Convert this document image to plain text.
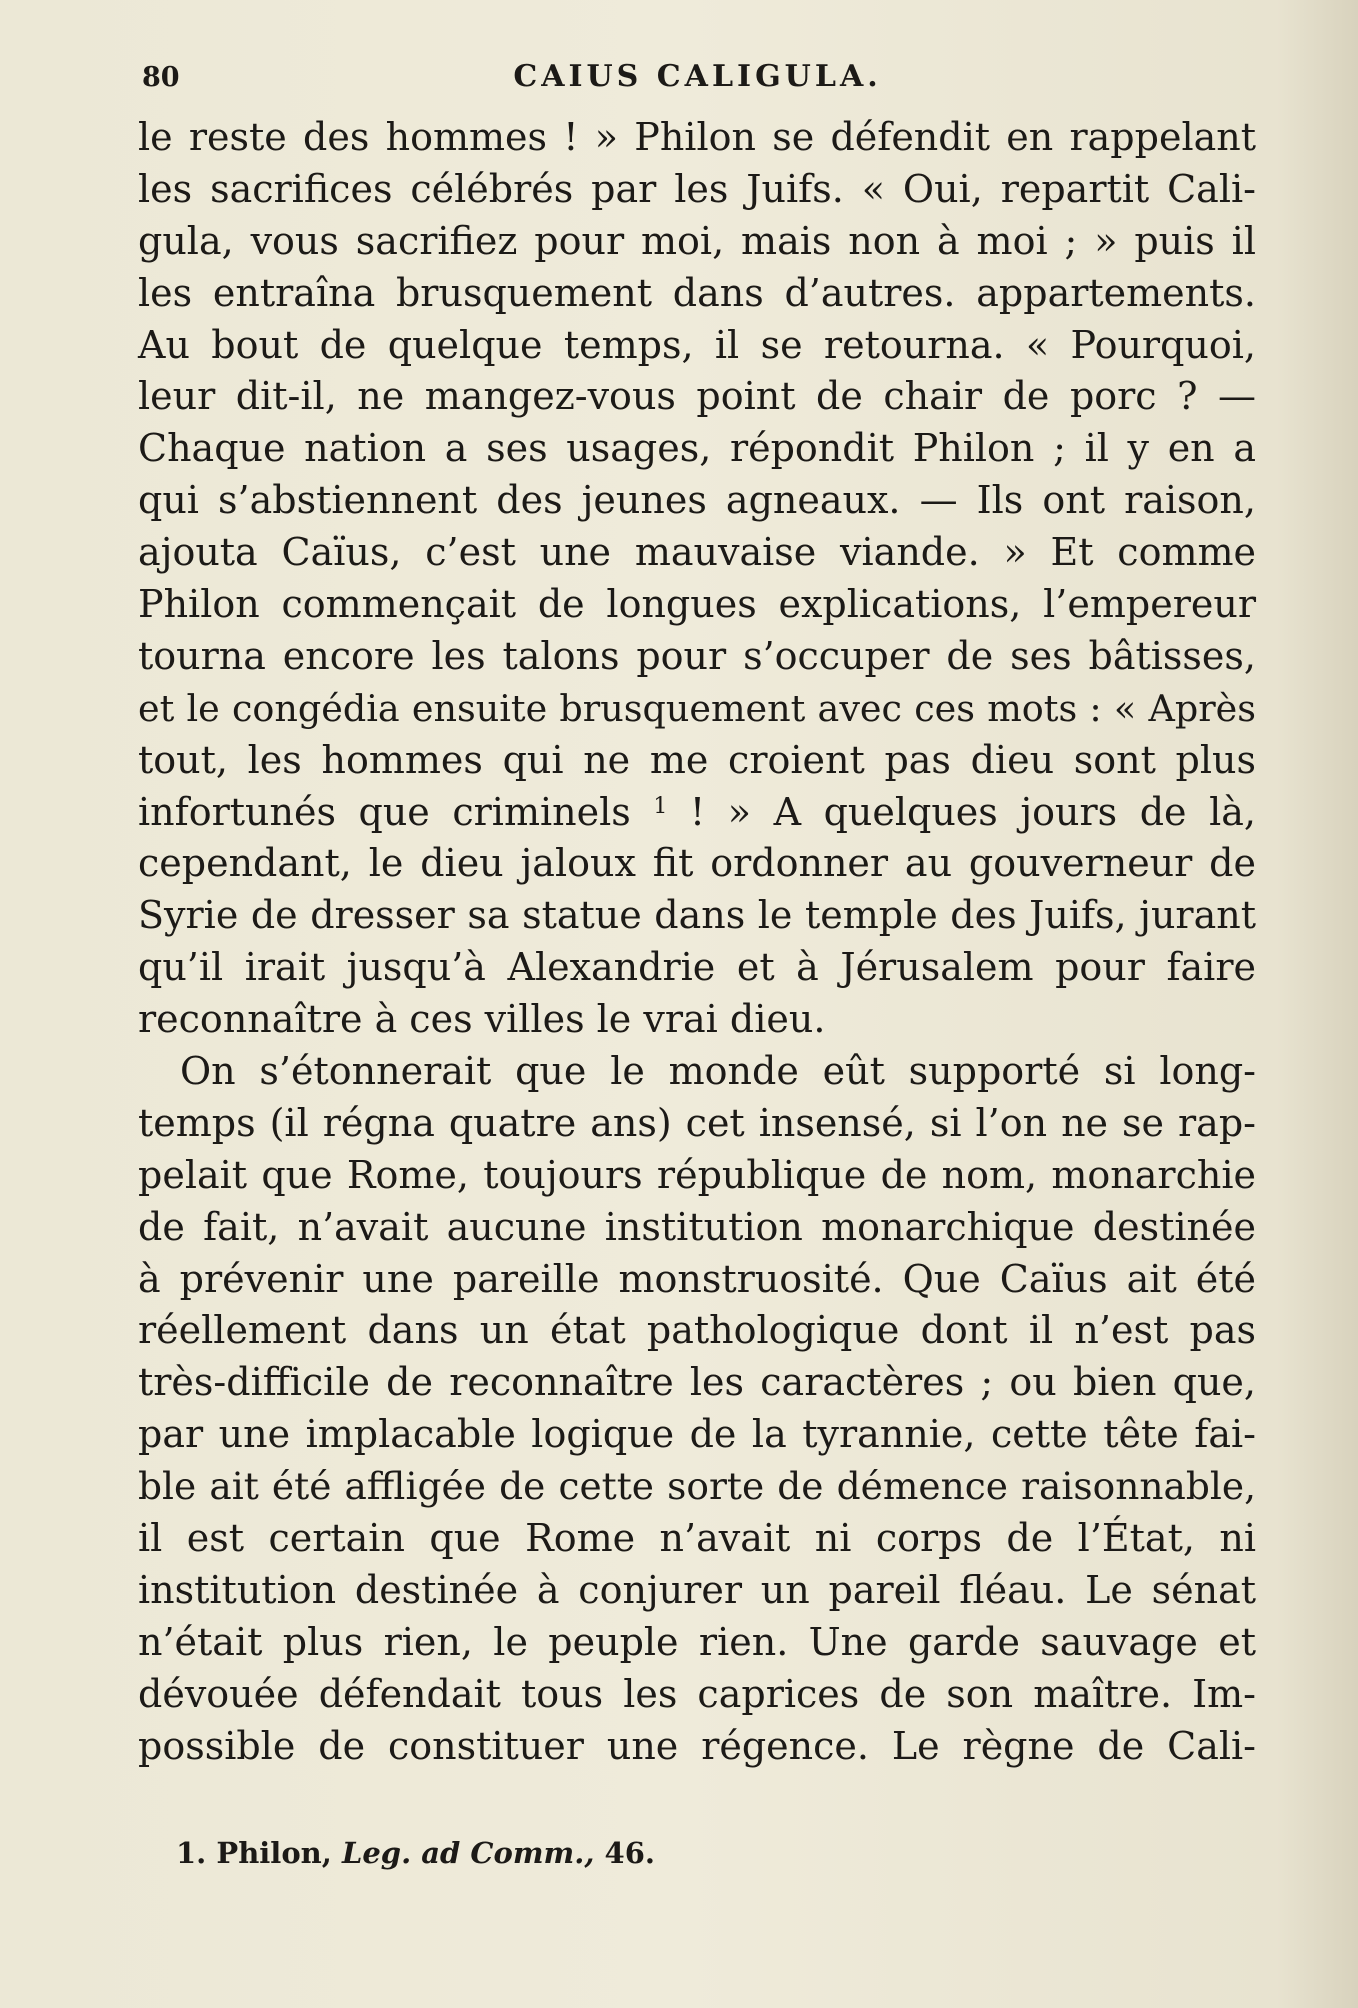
80	CAIUS CALIGULA.
le reste des hommes ! » Philon se défendit en rappelant
les sacrifices célébrés par les Juifs. « Oui, repartit Cali-
gula, vous sacrifiez pour moi, mais non à moi ; » puis il
les entraîna brusquement dans d’autres. appartements.
Au bout de quelque temps, il se retourna. « Pourquoi,
leur dit-il, ne mangez-vous point de chair de porc ? —
Chaque nation a ses usages, répondit Philon ; il y en a
qui s’abstiennent des jeunes agneaux. — Ils ont raison,
ajouta Caïus, c’est une mauvaise viande. » Et comme
Philon commençait de longues explications, l’empereur
tourna encore les talons pour s’occuper de ses bâtisses,
et le congédia ensuite brusquement avec ces mots : « Après
tout, les hommes qui ne me croient pas dieu sont plus
infortunés que criminels $^1$ ! » A quelques jours de là,
cependant, le dieu jaloux fit ordonner au gouverneur de
Syrie de dresser sa statue dans le temple des Juifs, jurant
qu’il irait jusqu’à Alexandrie et à Jérusalem pour faire
reconnaître à ces villes le vrai dieu.
On s’étonnerait que le monde eût supporté si long-
temps (il régna quatre ans) cet insensé, si l’on ne se rap-
pelait que Rome, toujours république de nom, monarchie
de fait, n’avait aucune institution monarchique destinée
à prévenir une pareille monstruosité. Que Caïus ait été
réellement dans un état pathologique dont il n’est pas
très-difficile de reconnaître les caractères ; ou bien que,
par une implacable logique de la tyrannie, cette tête fai-
ble ait été affligée de cette sorte de démence raisonnable,
il est certain que Rome n’avait ni corps de l’État, ni
institution destinée à conjurer un pareil fléau. Le sénat
n’était plus rien, le peuple rien. Une garde sauvage et
dévouée défendait tous les caprices de son maître. Im-
possible de constituer une régence. Le règne de Cali-
1. Philon, Leg. ad Comm., 46.
